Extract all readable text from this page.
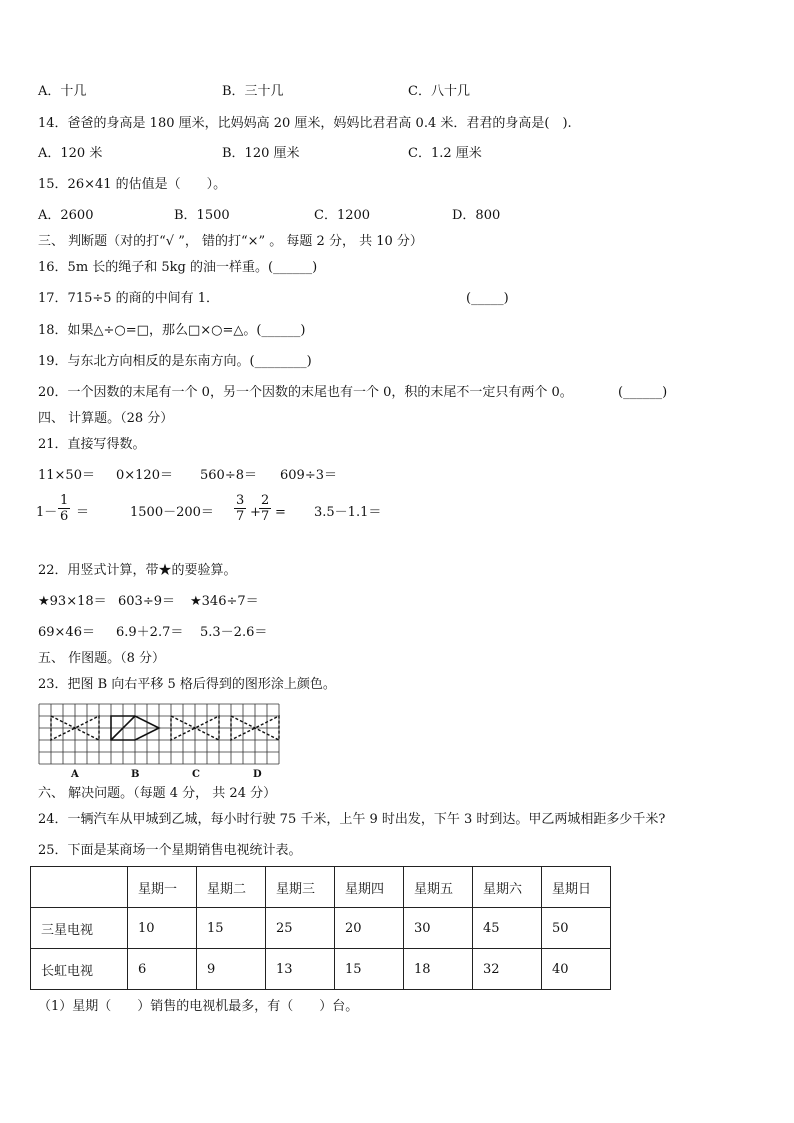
A．十几	B．三十几	C．八十几
14．爸爸的身高是 180 厘米，比妈妈高 20 厘米，妈妈比君君高 0.4 米．君君的身高是(　).
A．120 米	B．120 厘米	C．1.2 厘米
15．26×41 的估值是（　　）。
A．2600	B．1500	C．1200	D．800
三、 判断题（对的打“√ ”， 错的打“×” 。 每题 2 分， 共 10 分）
16．5m 长的绳子和 5kg 的油一样重。(______)
17．715÷5 的商的中间有 1．	(_____)
18．如果△÷○=□，那么□×○=△。(______)
19．与东北方向相反的是东南方向。(________)
20．一个因数的末尾有一个 0，另一个因数的末尾也有一个 0，积的末尾不一定只有两个 0。	(______)
四、 计算题。（28 分）
21．直接写得数。
11×50＝ 0×120＝ 560÷8＝ 609÷3＝
$1- \frac{1}{6}$ ＝	$1500-200= \frac{3}{7}$ +
$\frac{2}{7} = 3.5-1.1=$
22．用竖式计算，带★的要验算。
★93×18＝ 603÷9＝ ★346÷7＝
69×46＝ 6.9＋2.7＝ 5.3－2.6＝
五、 作图题。（8 分）
23．把图 B 向右平移 5 格后得到的图形涂上颜色。
A	B	C	D
六、 解决问题。（每题 4 分， 共 24 分）
24．一辆汽车从甲城到乙城，每小时行驶 75 千米，上午 9 时出发，下午 3 时到达。甲乙两城相距多少千米?
25．下面是某商场一个星期销售电视统计表。
	星期一	星期二	星期三	星期四	星期五	星期六	星期日
三星电视	10	15	25	20	30	45	50
长虹电视	6	9	13	15	18	32	40
（1）星期（　　）销售的电视机最多，有（　　）台。
